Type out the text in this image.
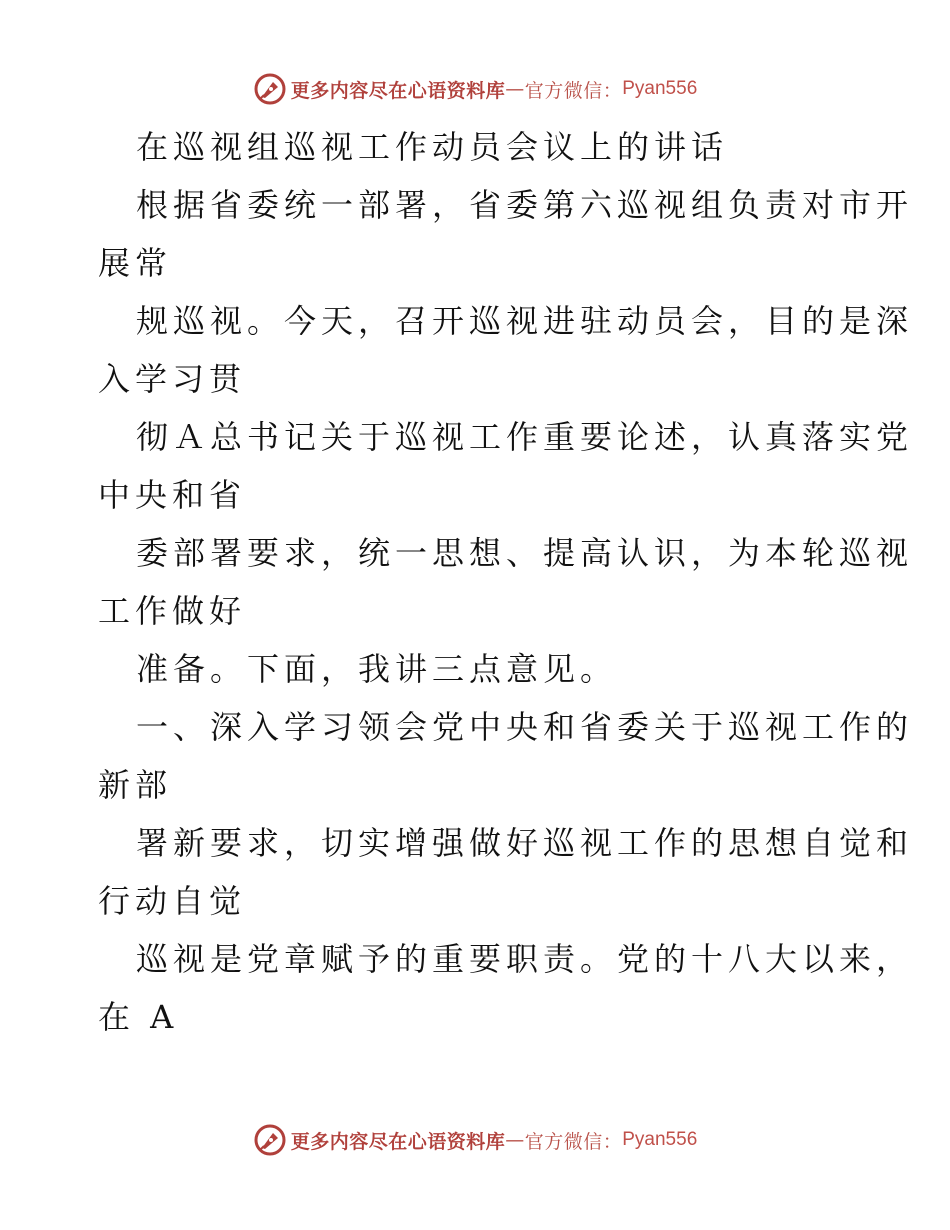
更多内容尽在心语资料库 — 官方微信： Pyan556
在巡视组巡视工作动员会议上的讲话
根据省委统一部署，省委第六巡视组负责对市开
展常
规巡视。今天，召开巡视进驻动员会，目的是深
入学习贯
彻Ａ总书记关于巡视工作重要论述，认真落实党
中央和省
委部署要求，统一思想、提高认识，为本轮巡视
工作做好
准备。下面，我讲三点意见。
一、深入学习领会党中央和省委关于巡视工作的
新部
署新要求，切实增强做好巡视工作的思想自觉和
行动自觉
巡视是党章赋予的重要职责。党的十八大以来，
在 A
更多内容尽在心语资料库 — 官方微信： Pyan556
